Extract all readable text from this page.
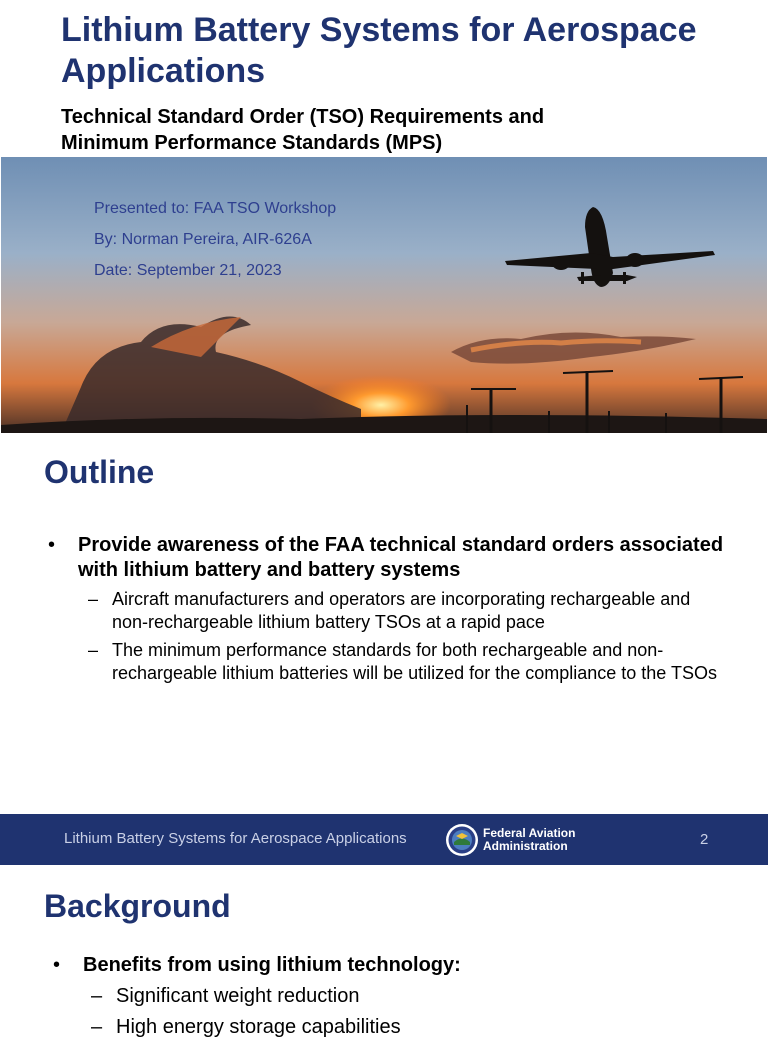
Lithium Battery Systems for Aerospace Applications
Technical Standard Order (TSO) Requirements and
Minimum Performance Standards (MPS)
Presented to: FAA TSO Workshop
By: Norman Pereira, AIR-626A
Date: September 21, 2023
Outline
• Provide awareness of the FAA technical standard orders associated with lithium battery and battery systems
– Aircraft manufacturers and operators are incorporating rechargeable and non-rechargeable lithium battery TSOs at a rapid pace
– The minimum performance standards for both rechargeable and non-rechargeable lithium batteries will be utilized for the compliance to the TSOs
Lithium Battery Systems for Aerospace Applications	Federal Aviation
Administration	2
Background
• Benefits from using lithium technology:
– Significant weight reduction
– High energy storage capabilities
